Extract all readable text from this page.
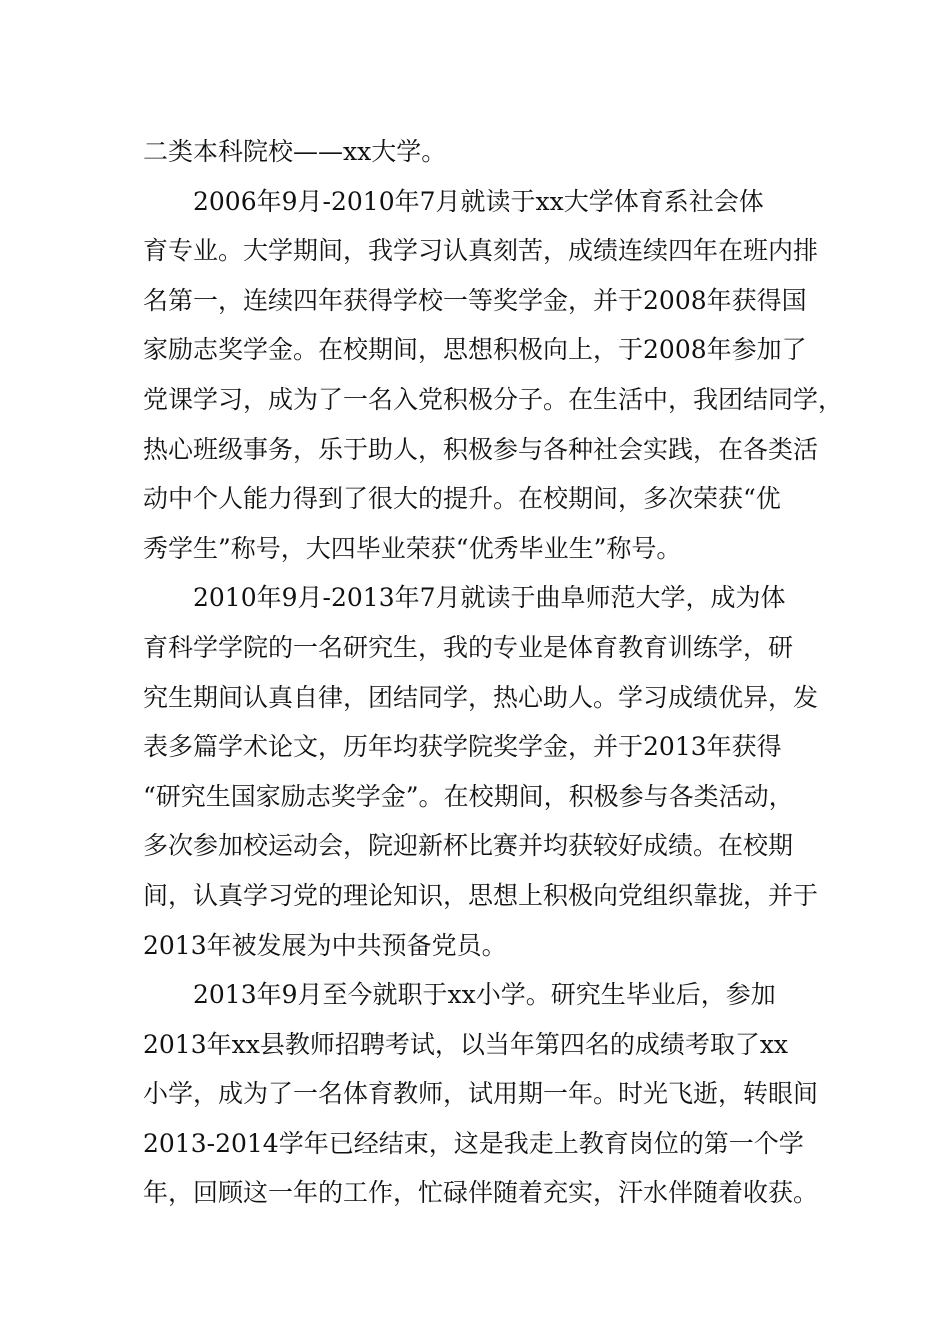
二类本科院校——xx大学。
2006年9月-2010年7月就读于xx大学体育系社会体
育专业。大学期间，我学习认真刻苦，成绩连续四年在班内排
名第一，连续四年获得学校一等奖学金，并于2008年获得国
家励志奖学金。在校期间，思想积极向上，于2008年参加了
党课学习，成为了一名入党积极分子。在生活中，我团结同学，
热心班级事务，乐于助人，积极参与各种社会实践，在各类活
动中个人能力得到了很大的提升。在校期间，多次荣获“优
秀学生”称号，大四毕业荣获“优秀毕业生”称号。
2010年9月-2013年7月就读于曲阜师范大学，成为体
育科学学院的一名研究生，我的专业是体育教育训练学，研
究生期间认真自律，团结同学，热心助人。学习成绩优异，发
表多篇学术论文，历年均获学院奖学金，并于2013年获得
“研究生国家励志奖学金”。在校期间，积极参与各类活动，
多次参加校运动会，院迎新杯比赛并均获较好成绩。在校期
间，认真学习党的理论知识，思想上积极向党组织靠拢，并于
2013年被发展为中共预备党员。
2013年9月至今就职于xx小学。研究生毕业后，参加
2013年xx县教师招聘考试，以当年第四名的成绩考取了xx
小学，成为了一名体育教师，试用期一年。时光飞逝，转眼间
2013-2014学年已经结束，这是我走上教育岗位的第一个学
年，回顾这一年的工作，忙碌伴随着充实，汗水伴随着收获。
